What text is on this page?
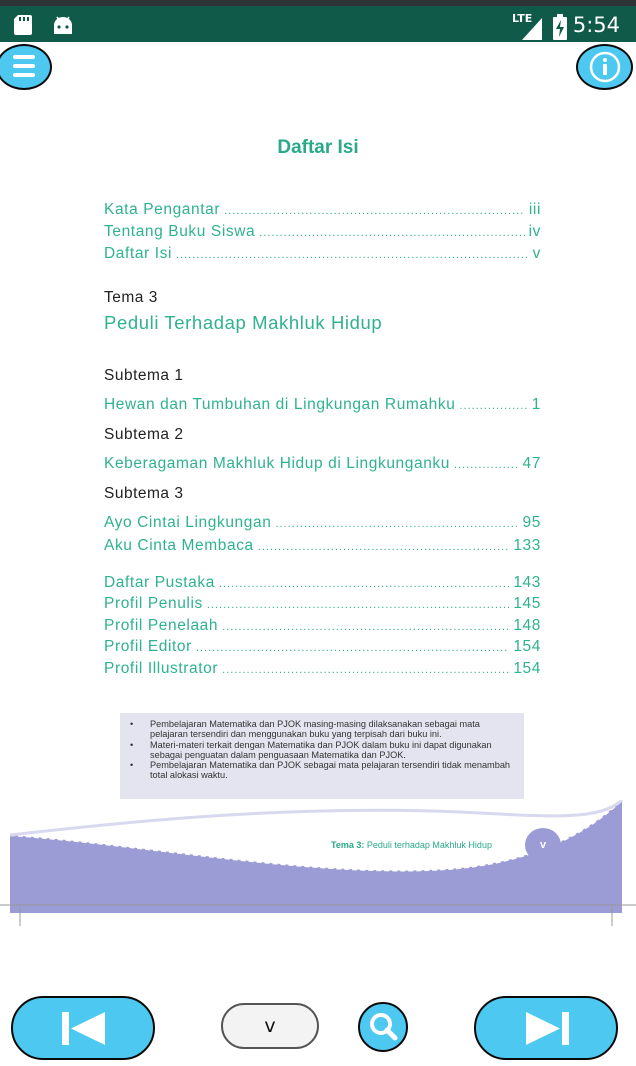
LTE 5:54
Daftar Isi
Kata Pengantar .....	iii
Tentang Buku Siswa .....	iv
Daftar Isi .....	v
Tema 3
Peduli Terhadap Makhluk Hidup
Subtema 1
Hewan dan Tumbuhan di Lingkungan Rumahku .....	1
Subtema 2
Keberagaman Makhluk Hidup di Lingkunganku .....	47
Subtema 3
Ayo Cintai Lingkungan .....	95
Aku Cinta Membaca .....	133
Daftar Pustaka .....	143
Profil Penulis .....	145
Profil Penelaah .....	148
Profil Editor .....	154
Profil Illustrator .....	154
• Pembelajaran Matematika dan PJOK masing-masing dilaksanakan sebagai mata pelajaran tersendiri dan menggunakan buku yang terpisah dari buku ini.
• Materi-materi terkait dengan Matematika dan PJOK dalam buku ini dapat digunakan sebagai penguatan dalam penguasaan Matematika dan PJOK.
• Pembelajaran Matematika dan PJOK sebagai mata pelajaran tersendiri tidak menambah total alokasi waktu.
Tema 3: Peduli terhadap Makhluk Hidup	v
v
